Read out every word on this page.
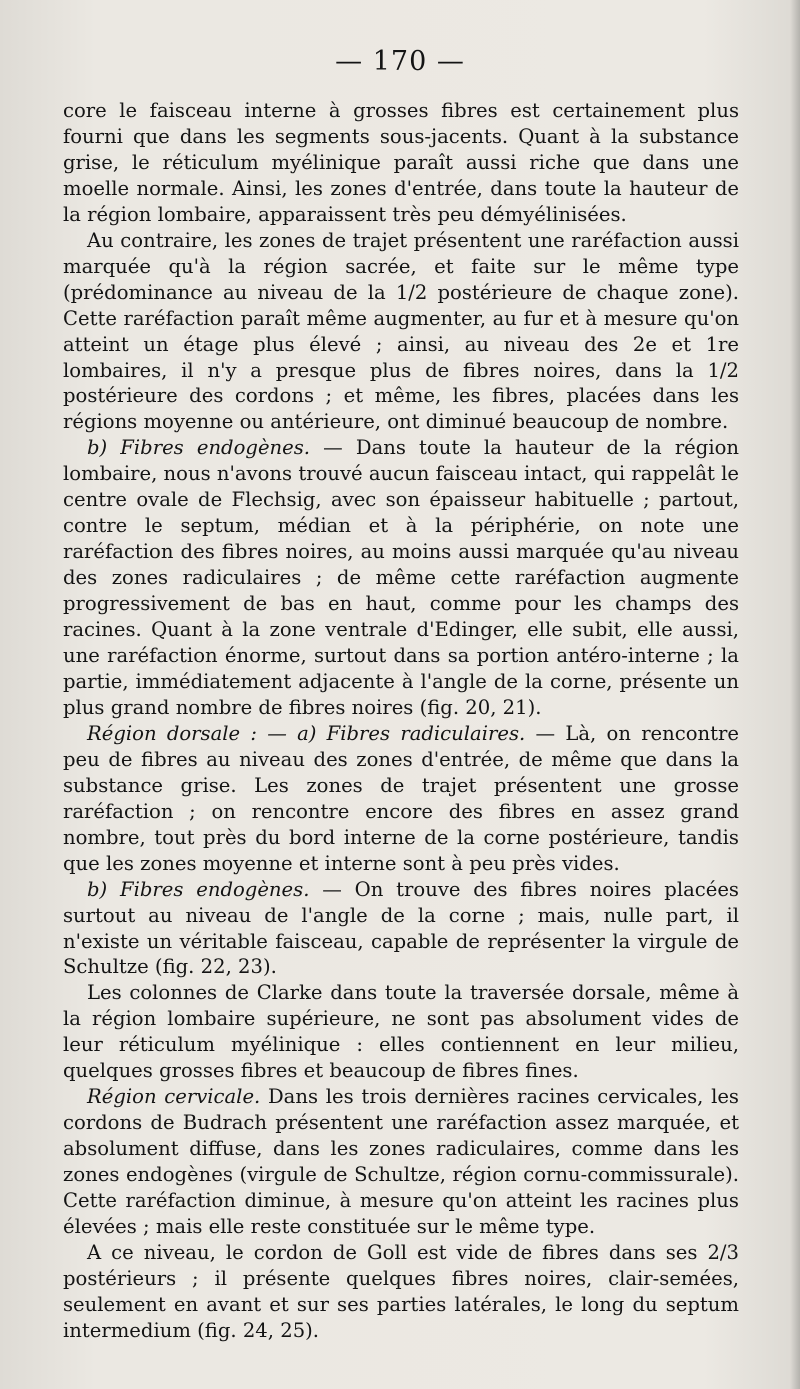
— 170 —

core le faisceau interne à grosses fibres est certainement plus fourni que dans les segments sous-jacents. Quant à la substance grise, le réticulum myélinique paraît aussi riche que dans une moelle normale. Ainsi, les zones d'entrée, dans toute la hauteur de la région lombaire, apparaissent très peu démyélinisées.

Au contraire, les zones de trajet présentent une raréfaction aussi marquée qu'à la région sacrée, et faite sur le même type (prédominance au niveau de la 1/2 postérieure de chaque zone). Cette raréfaction paraît même augmenter, au fur et à mesure qu'on atteint un étage plus élevé ; ainsi, au niveau des 2e et 1re lombaires, il n'y a presque plus de fibres noires, dans la 1/2 postérieure des cordons ; et même, les fibres, placées dans les régions moyenne ou antérieure, ont diminué beaucoup de nombre.

b) Fibres endogènes. — Dans toute la hauteur de la région lombaire, nous n'avons trouvé aucun faisceau intact, qui rappelât le centre ovale de Flechsig, avec son épaisseur habituelle ; partout, contre le septum, médian et à la périphérie, on note une raréfaction des fibres noires, au moins aussi marquée qu'au niveau des zones radiculaires ; de même cette raréfaction augmente progressivement de bas en haut, comme pour les champs des racines. Quant à la zone ventrale d'Edinger, elle subit, elle aussi, une raréfaction énorme, surtout dans sa portion antéro-interne ; la partie, immédiatement adjacente à l'angle de la corne, présente un plus grand nombre de fibres noires (fig. 20, 21).

Région dorsale : — a) Fibres radiculaires. — Là, on rencontre peu de fibres au niveau des zones d'entrée, de même que dans la substance grise. Les zones de trajet présentent une grosse raréfaction ; on rencontre encore des fibres en assez grand nombre, tout près du bord interne de la corne postérieure, tandis que les zones moyenne et interne sont à peu près vides.

b) Fibres endogènes. — On trouve des fibres noires placées surtout au niveau de l'angle de la corne ; mais, nulle part, il n'existe un véritable faisceau, capable de représenter la virgule de Schultze (fig. 22, 23).

Les colonnes de Clarke dans toute la traversée dorsale, même à la région lombaire supérieure, ne sont pas absolument vides de leur réticulum myélinique : elles contiennent en leur milieu, quelques grosses fibres et beaucoup de fibres fines.

Région cervicale. Dans les trois dernières racines cervicales, les cordons de Budrach présentent une raréfaction assez marquée, et absolument diffuse, dans les zones radiculaires, comme dans les zones endogènes (virgule de Schultze, région cornu-commissurale). Cette raréfaction diminue, à mesure qu'on atteint les racines plus élevées ; mais elle reste constituée sur le même type.

A ce niveau, le cordon de Goll est vide de fibres dans ses 2/3 postérieurs ; il présente quelques fibres noires, clair-semées, seulement en avant et sur ses parties latérales, le long du septum intermedium (fig. 24, 25).
